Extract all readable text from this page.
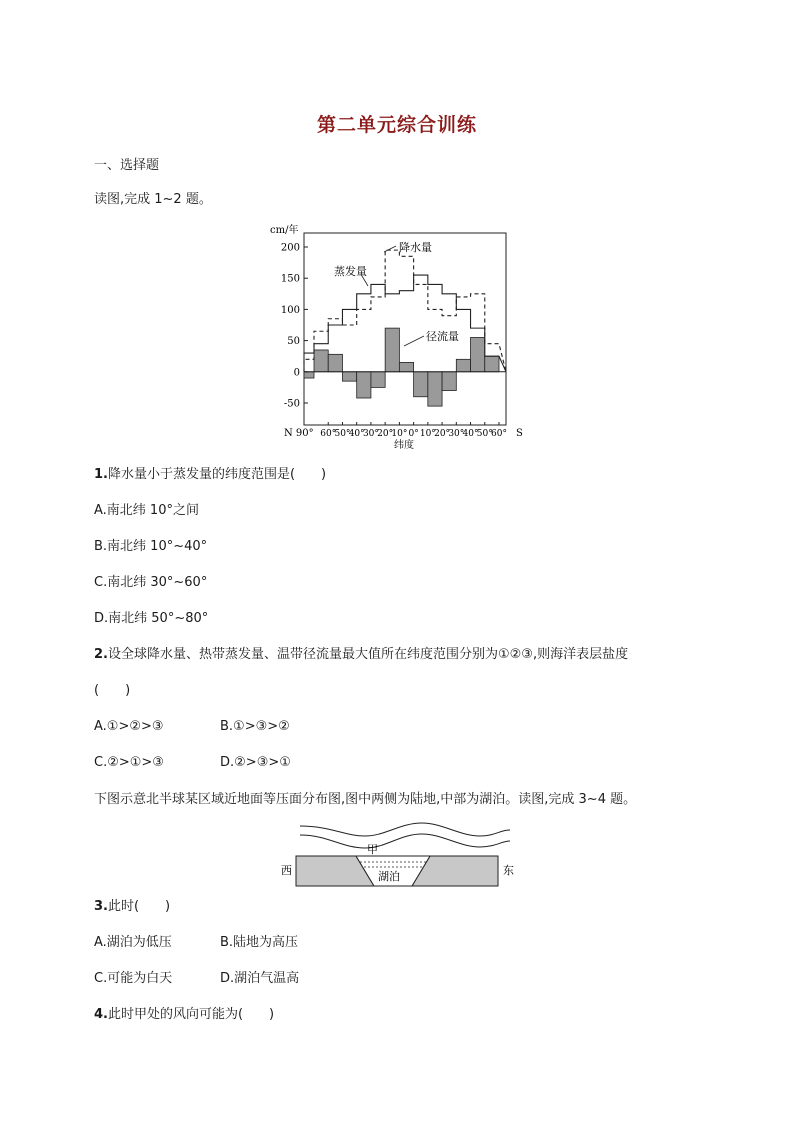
第二单元综合训练
一、选择题
读图,完成 1~2 题。
200
150
100
50
0
-50
60°
50°
40°
30°
20°
10° 0° 10°
20°
30°
40°
50°
60°
cm/年
N 90°	S
纬度
降水量
蒸发量
径流量
1.降水量小于蒸发量的纬度范围是(　　)
A.南北纬 10°之间
B.南北纬 10°~40°
C.南北纬 30°~60°
D.南北纬 50°~80°
2.设全球降水量、热带蒸发量、温带径流量最大值所在纬度范围分别为①②③,则海洋表层盐度
(　　)
A.①>②>③	B.①>③>②
C.②>①>③	D.②>③>①
下图示意北半球某区域近地面等压面分布图,图中两侧为陆地,中部为湖泊。读图,完成 3~4 题。
甲
湖泊
西	东
3.此时(　　)
A.湖泊为低压	B.陆地为高压
C.可能为白天	D.湖泊气温高
4.此时甲处的风向可能为(　　)
